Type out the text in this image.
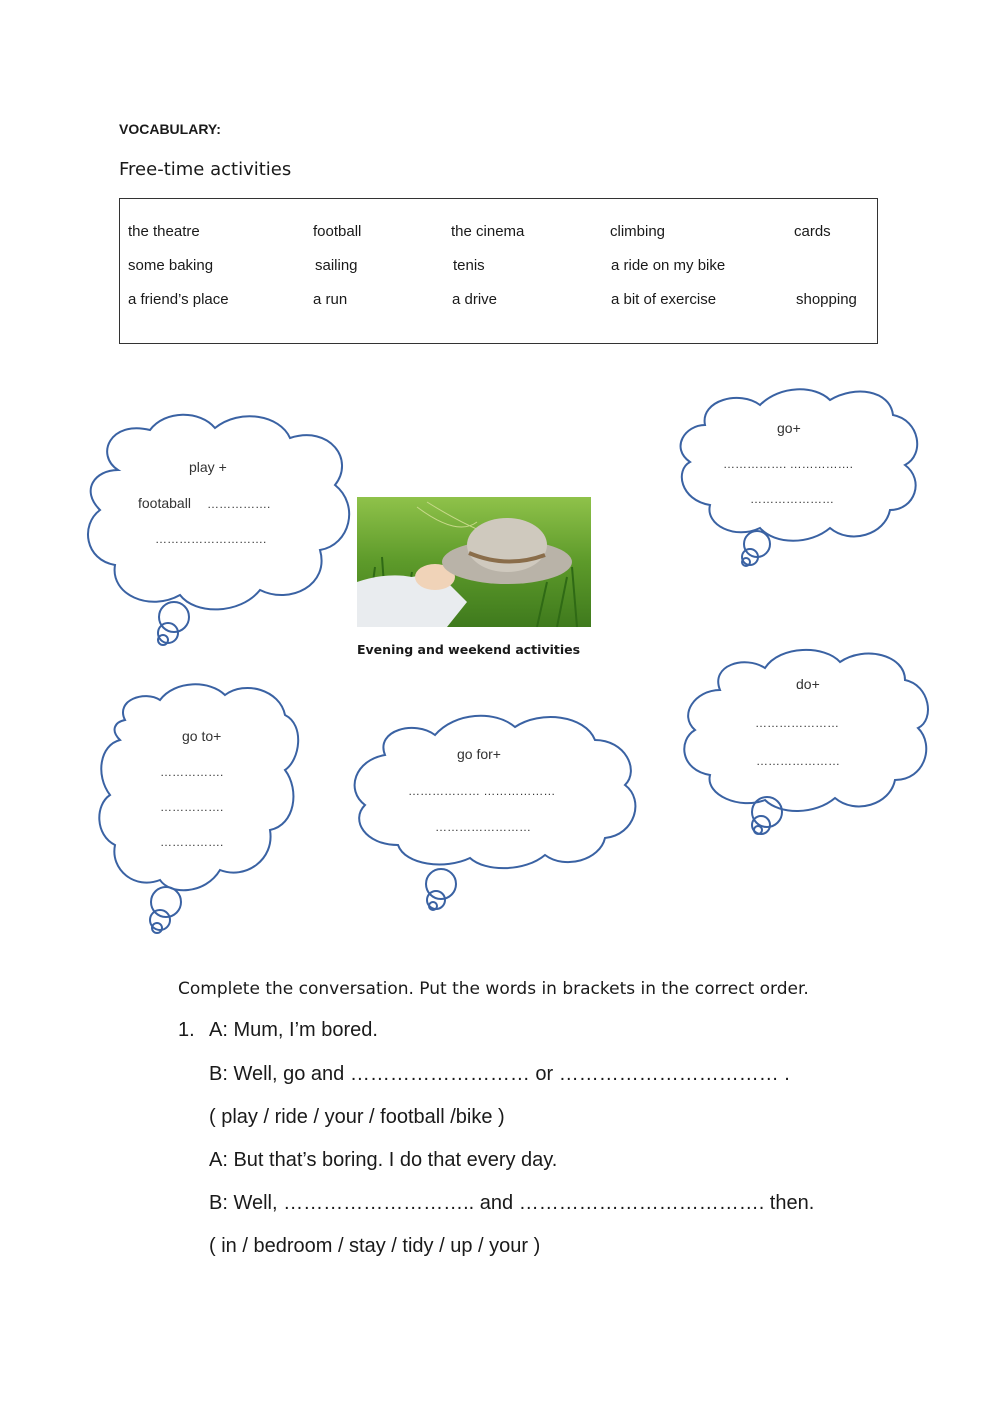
VOCABULARY:
Free-time activities
the theatre	football	the cinema	climbing	cards
some baking	sailing	tenis	a ride on my bike
a friend’s place	a run	a drive	a bit of exercise	shopping
play +
footaball …………….
……………………….
go+
……………. …………….
…………………
Evening and weekend activities
do+
…………………
…………………
go to+
…………….
…………….
…………….
go for+
……………… ………………
……………………
Complete the conversation. Put the words in brackets in the correct order.
1. A: Mum, I’m bored.
B: Well, go and ……………………… or …………………………… .
( play / ride / your / football /bike )
A: But that’s boring. I do that every day.
B: Well, ……………………….. and ………………………………. then.
( in / bedroom / stay / tidy / up / your )
